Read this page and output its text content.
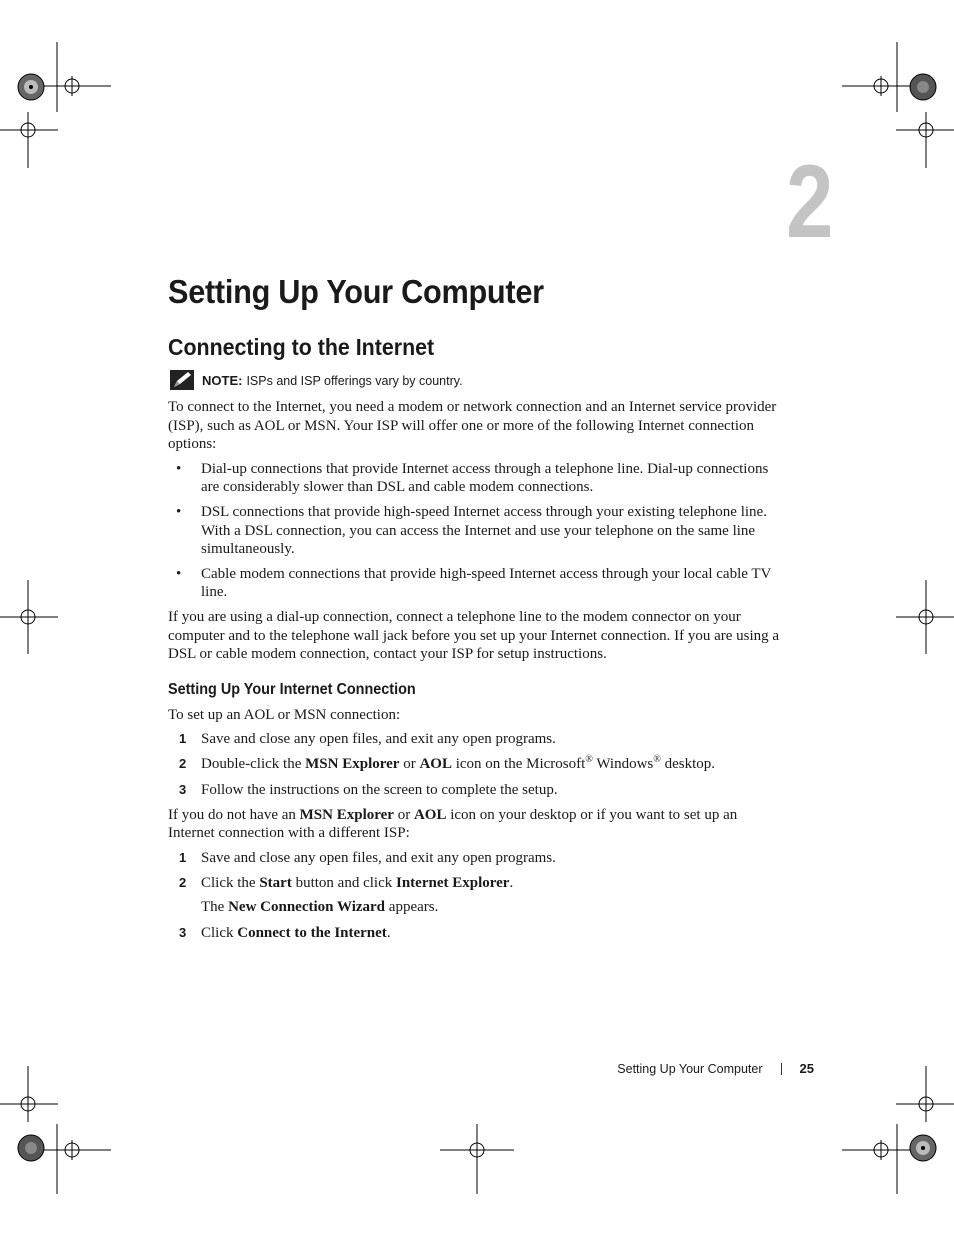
2
Setting Up Your Computer
Connecting to the Internet
NOTE: ISPs and ISP offerings vary by country.

To connect to the Internet, you need a modem or network connection and an Internet service provider (ISP), such as AOL or MSN. Your ISP will offer one or more of the following Internet connection options:

• Dial-up connections that provide Internet access through a telephone line. Dial-up connections are considerably slower than DSL and cable modem connections.
• DSL connections that provide high-speed Internet access through your existing telephone line. With a DSL connection, you can access the Internet and use your telephone on the same line simultaneously.
• Cable modem connections that provide high-speed Internet access through your local cable TV line.

If you are using a dial-up connection, connect a telephone line to the modem connector on your computer and to the telephone wall jack before you set up your Internet connection. If you are using a DSL or cable modem connection, contact your ISP for setup instructions.

Setting Up Your Internet Connection

To set up an AOL or MSN connection:

1 Save and close any open files, and exit any open programs.
2 Double-click the MSN Explorer or AOL icon on the Microsoft® Windows® desktop.
3 Follow the instructions on the screen to complete the setup.

If you do not have an MSN Explorer or AOL icon on your desktop or if you want to set up an Internet connection with a different ISP:

1 Save and close any open files, and exit any open programs.
2 Click the Start button and click Internet Explorer.
The New Connection Wizard appears.
3 Click Connect to the Internet.
Setting Up Your Computer	25
